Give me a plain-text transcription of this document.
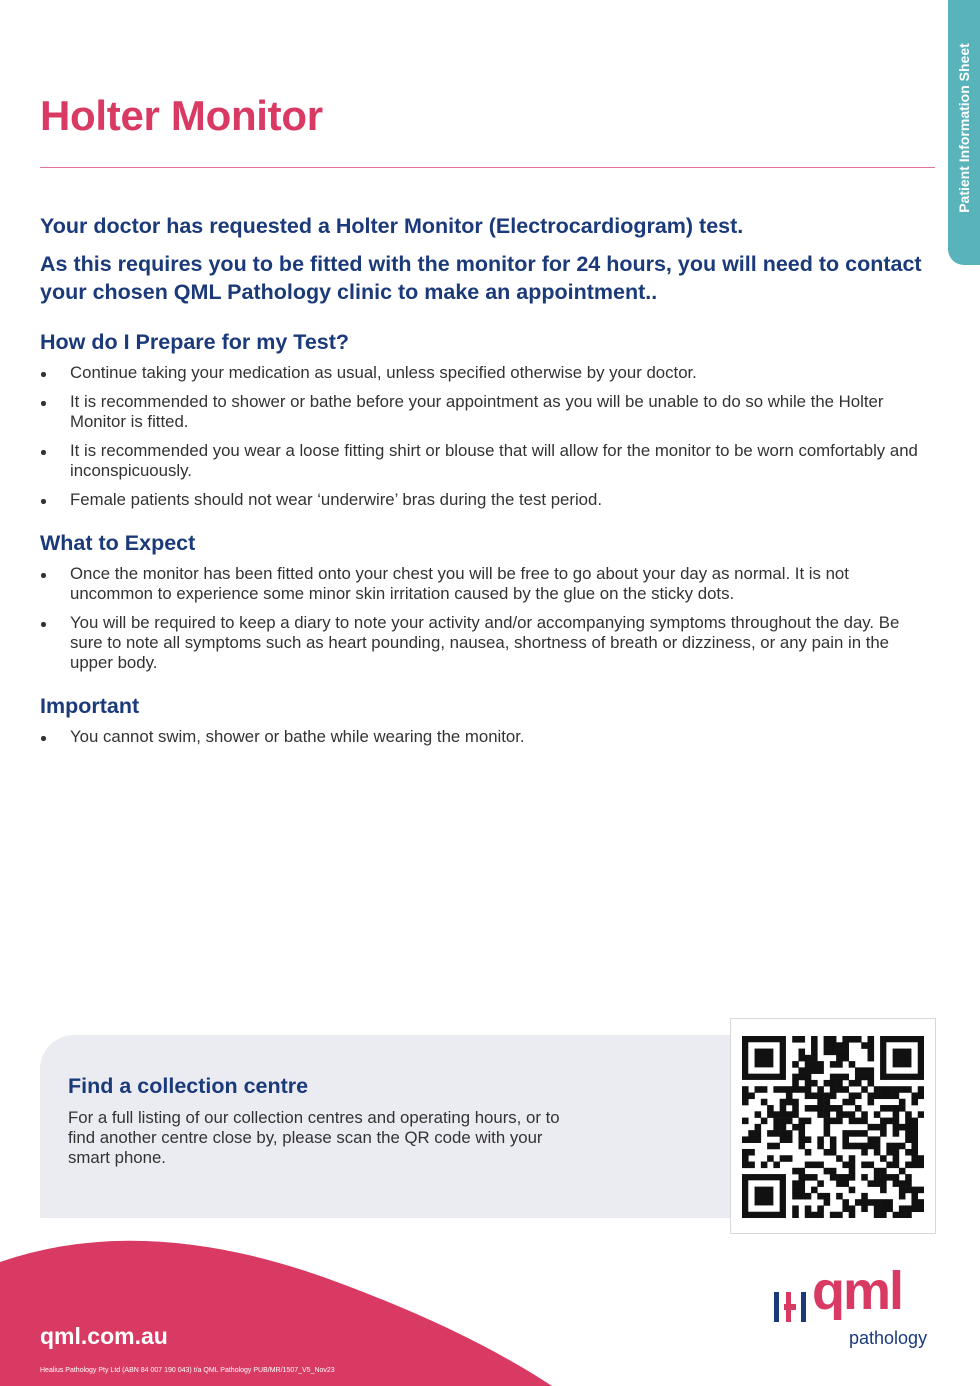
Patient Information Sheet
Holter Monitor

Your doctor has requested a Holter Monitor (Electrocardiogram) test.

As this requires you to be fitted with the monitor for 24 hours, you will need to contact your chosen QML Pathology clinic to make an appointment..

How do I Prepare for my Test?
Continue taking your medication as usual, unless specified otherwise by your doctor.
It is recommended to shower or bathe before your appointment as you will be unable to do so while the Holter Monitor is fitted.
It is recommended you wear a loose fitting shirt or blouse that will allow for the monitor to be worn comfortably and inconspicuously.
Female patients should not wear ‘underwire’ bras during the test period.
What to Expect
Once the monitor has been fitted onto your chest you will be free to go about your day as normal. It is not uncommon to experience some minor skin irritation caused by the glue on the sticky dots.
You will be required to keep a diary to note your activity and/or accompanying symptoms throughout the day. Be sure to note all symptoms such as heart pounding, nausea, shortness of breath or dizziness, or any pain in the upper body.
Important
You cannot swim, shower or bathe while wearing the monitor.
Find a collection centre

For a full listing of our collection centres and operating hours, or to find another centre close by, please scan the QR code with your smart phone.

qml.com.au
Healius Pathology Pty Ltd (ABN 84 007 190 043) t/a QML Pathology PUB/MR/1507_V5_Nov23
qml
pathology
